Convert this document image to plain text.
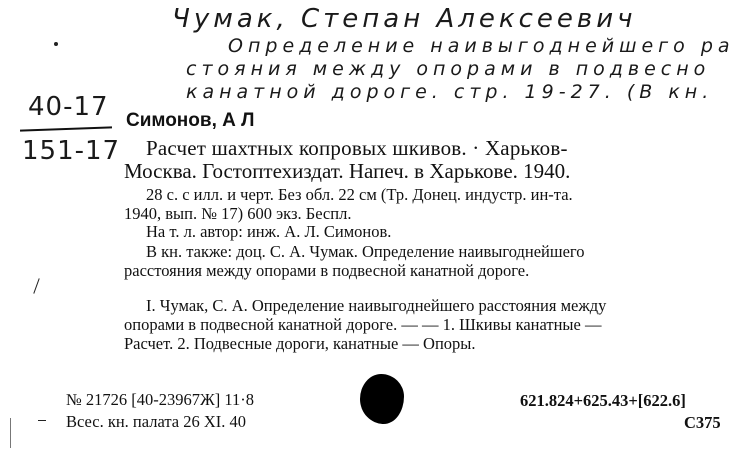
Чумак, Степан Алексеевич
Определение наивыгоднейшего ра
стояния между опорами в подвесно
канатной дороге. стр. 19-27. (В кн.
40-17
151-17
Симонов, А Л
Расчет шахтных копровых шкивов. · Харьков-
Москва. Гостоптехиздат. Напеч. в Харькове. 1940.
28 с. с илл. и черт. Без обл. 22 см (Тр. Донец. индустр. ин-та.
1940, вып. № 17) 600 экз. Беспл.
На т. л. автор: инж. А. Л. Симонов.
В кн. также: доц. С. А. Чумак. Определение наивыгоднейшего
расстояния между опорами в подвесной канатной дороге.
I. Чумак, С. А. Определение наивыгоднейшего расстояния между
опорами в подвесной канатной дороге. — — 1. Шкивы канатные —
Расчет. 2. Подвесные дороги, канатные — Опоры.
№ 21726 [40-23967Ж] 11·8
Всес. кн. палата 26 XI. 40
621.824+625.43+[622.6]
С375
